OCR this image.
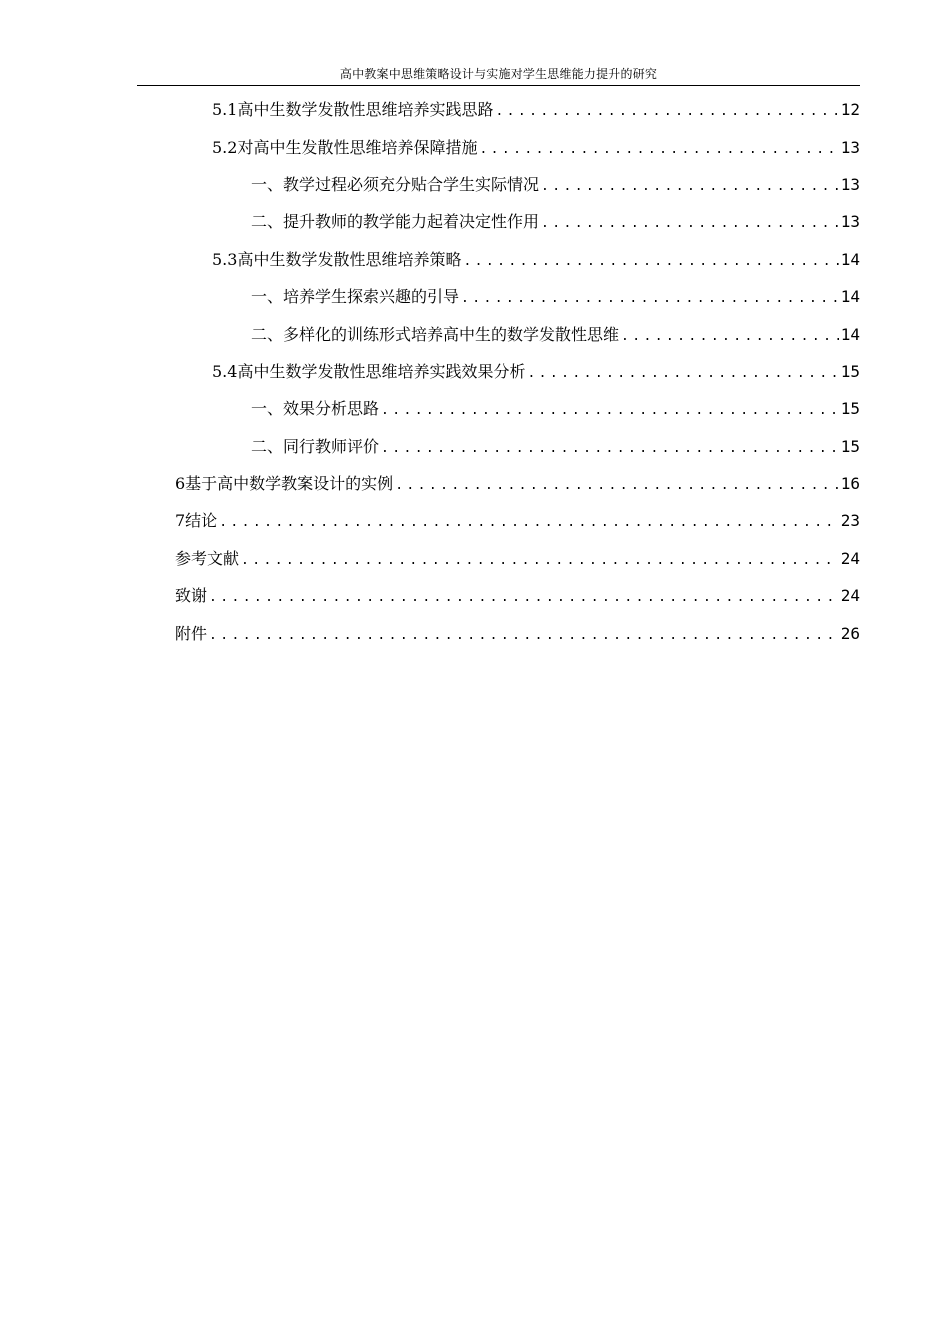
高中教案中思维策略设计与实施对学生思维能力提升的研究
5.1高中生数学发散性思维培养实践思路 .....	12
5.2对高中生发散性思维培养保障措施 .....	13
一、教学过程必须充分贴合学生实际情况 .....	13
二、提升教师的教学能力起着决定性作用 .....	13
5.3高中生数学发散性思维培养策略 .....	14
一、培养学生探索兴趣的引导 .....	14
二、多样化的训练形式培养高中生的数学发散性思维 .....	14
5.4高中生数学发散性思维培养实践效果分析 .....	15
一、效果分析思路 .....	15
二、同行教师评价 .....	15
6基于高中数学教案设计的实例 .....	16
7结论 .....	23
参考文献 .....	24
致谢 .....	24
附件 .....	26
